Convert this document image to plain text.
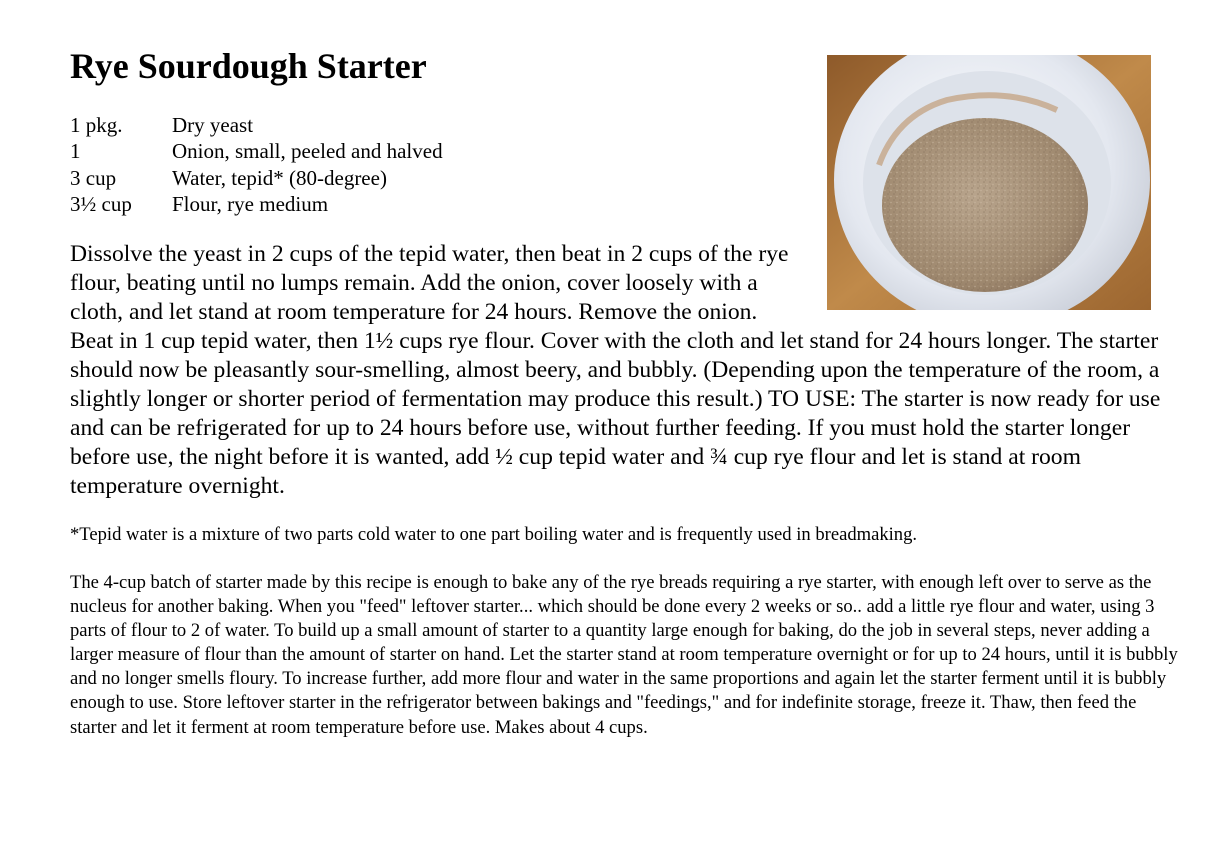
Rye Sourdough Starter
1 pkg.	Dry yeast
1	Onion, small, peeled and halved
3 cup	Water, tepid* (80-degree)
3½ cup	Flour, rye medium

Dissolve the yeast in 2 cups of the tepid water, then beat in 2 cups of the rye flour, beating until no lumps remain. Add the onion, cover loosely with a cloth, and let stand at room temperature for 24 hours. Remove the onion. Beat in 1 cup tepid water, then 1½ cups rye flour. Cover with the cloth and let stand for 24 hours longer. The starter should now be pleasantly sour-smelling, almost beery, and bubbly. (Depending upon the temperature of the room, a slightly longer or shorter period of fermentation may produce this result.) TO USE: The starter is now ready for use and can be refrigerated for up to 24 hours before use, without further feeding. If you must hold the starter longer before use, the night before it is wanted, add ½ cup tepid water and ¾ cup rye flour and let is stand at room temperature overnight.

*Tepid water is a mixture of two parts cold water to one part boiling water and is frequently used in breadmaking.

The 4-cup batch of starter made by this recipe is enough to bake any of the rye breads requiring a rye starter, with enough left over to serve as the nucleus for another baking. When you "feed" leftover starter... which should be done every 2 weeks or so.. add a little rye flour and water, using 3 parts of flour to 2 of water. To build up a small amount of starter to a quantity large enough for baking, do the job in several steps, never adding a larger measure of flour than the amount of starter on hand. Let the starter stand at room temperature overnight or for up to 24 hours, until it is bubbly and no longer smells floury. To increase further, add more flour and water in the same proportions and again let the starter ferment until it is bubbly enough to use. Store leftover starter in the refrigerator between bakings and "feedings," and for indefinite storage, freeze it. Thaw, then feed the starter and let it ferment at room temperature before use. Makes about 4 cups.
